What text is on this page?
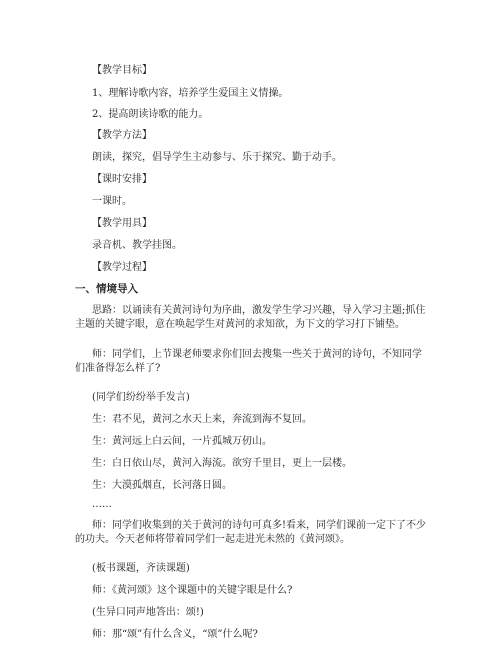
【教学目标】
1、理解诗歌内容，培养学生爱国主义情操。
2、提高朗读诗歌的能力。
【教学方法】
朗读，探究，倡导学生主动参与、乐于探究、勤于动手。
【课时安排】
一课时。
【教学用具】
录音机、教学挂图。
【教学过程】
一、情境导入
思路：以诵读有关黄河诗句为序曲，激发学生学习兴趣，导入学习主题;抓住主题的关键字眼，意在唤起学生对黄河的求知欲，为下文的学习打下铺垫。
师：同学们，上节课老师要求你们回去搜集一些关于黄河的诗句，不知同学们准备得怎么样了?
(同学们纷纷举手发言)
生：君不见，黄河之水天上来，奔流到海不复回。
生：黄河远上白云间，一片孤城万仞山。
生：白日依山尽，黄河入海流。欲穷千里目，更上一层楼。
生：大漠孤烟直，长河落日圆。
……
师：同学们收集到的关于黄河的诗句可真多!看来，同学们课前一定下了不少的功夫。今天老师将带着同学们一起走进光未然的《黄河颂》。
(板书课题，齐读课题)
师：《黄河颂》这个课题中的关键字眼是什么?
(生异口同声地答出：颂!)
师：那“颂”有什么含义，“颂”什么呢?
